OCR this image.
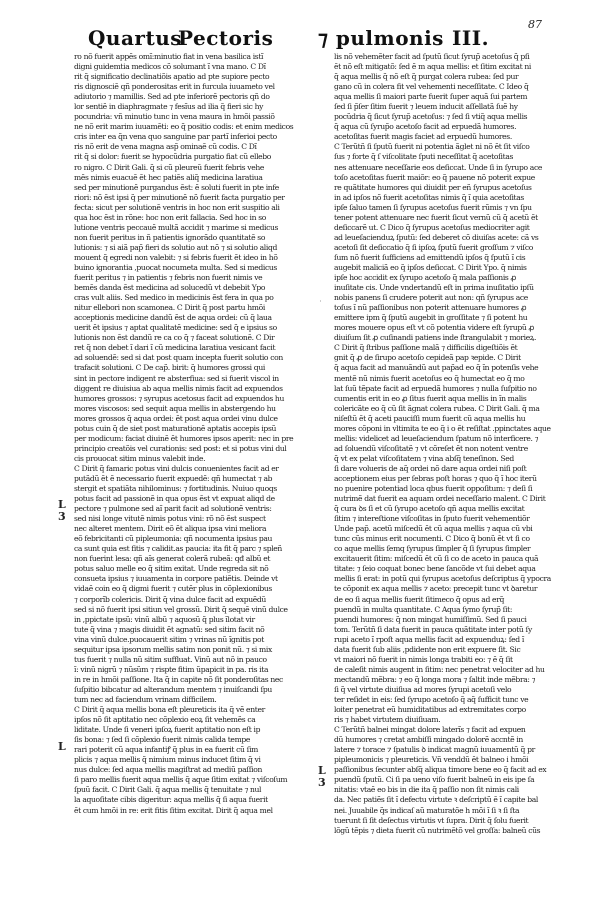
Quartus
Pectoris ⁊ pulmonis III.
87
L
3
L
L
3
ro nõ fuerit appĕs omĩ:minutio fiat in vena basilica istĩ
digni guidemtia medicos cõ solumant ĩ vna mano. C Dĩ
rit q̃ significatio declinatiõis apatio ad pte supiore pecto
ris dignosciĕ qñ ponderositas erit in furcula iuuameto vel
adiutorio ⁊ mamillis. Sed ad pte inferiorĕ pectoris qñ do
lor sentiĕ in diaphragmate ⁊ fesĩus ad ilia q̃ fieri sic hy
pocundria: vñ minutio tunc in vena maura in hmõi passiõ
ne nõ erit marim iuuamĕti: eo q̃ positio codis: et enim medicos
cris inter ea q̃n vena quo sanguine par partĭ inferioi pecto
ris nõ erit de vena magna asp̃ ominaĕ cũ codis. C Dĩ
rit q̃ si dolor: fuerit se hypocũdria purgatio fiat cũ ellebo
ro nigro. C Dirit Gali. q̃ si cũ pleureŭ fuerit febris vehe
mĕs nimis euacuĕ ĕt hec patiĕs aliq̃ medicina laratiua
sed per minutionĕ purgandus ĕst: ĕ soluti fuerit in pte infe
riori: nõ ĕst ipsi q̃ per minutionĕ nõ fuerit facta purgatio per
fecta: sicut per solutionĕ ventris in hoc non erit suspitio ali
qua hoc ĕst in rõne: hoc non erit fallacia. Sed hoc in so
lutione ventris peccauĕ multã accidit ⁊ marime si medicus
non fuerit peritus in ñ patientis ignorãdo quantitatĕ so
lutionis: ⁊ si aiã pap̃ fieri ds solutio aut nõ ⁊ si solutio aliqd
mouent q̃ egredi non valebit: ⁊ si febris fuerit ĕt ideo in hõ
buino ignorantia ,puocat nocumeta multa. Sed si medicus
fuerit peritus ⁊ in patientis ⁊ febris non fuerit nimis ve
bemĕs danda ĕst medicina ad solucedũ vt debebit Ypo
cras vult aliis. Sed medico in medicinis ĕst fera in qua po
nitur ellebori non scamonea. C Dirit q̃ post partu hmõi
acceptionis medicine dandũ ĕst de aqua ordei: cũ q̃ laua
uerit ĕt ipsius ⁊ aptat qualitatĕ medicine: sed q̃ e ipsius so
lutionis non ĕst dandũ re ca co q̃ ⁊ faceat solutionĕ. C Dir
ret q̃ non debet ĭ dari ĭ cũ medicina laratiua vesicant facit
ad soluendĕ: sed si dat post quam incepta fuerit solutio con
trafacit solutioni. C De cap̃. birit: q̃ humores grossi qui
sint in pectore indigent re absterfiua: sed si fuerit viscol in
diggent re diuisiua ab aqua mellis nimis facit ad expuendos
humores grossos: ⁊ syrupus acetosus facit ad expuendos hu
mores viscosos: sed sequit aqua mellis in abstergendo hu
mores grossos q̃ aqua ordei: ĕt post aqua ordei vinu dulce
potus cuin q̃ de siet post maturationĕ aptatis accepis ipsũ
per modicum: faciat diuinĕ ĕt humores ipsos aperit: nec in pre
principio creatõis vel curationis: sed post: et si potus vini dul
cis prouocat sitim minus valebit inde.
C Dirit q̃ famaric potus vini dulcis conuenientes facit ad er
putãdũ ĕt ĕ necessario fuerit expuedĕ: qñ humectat ⁊ ab
stergit et spatiãta nihilominus: ⁊ fortitudinis. Nuiuo quoqs
potus facit ad passionĕ in qua opus ĕst vt expuat aliqd de
pectore ⁊ pulmone sed aĩ parit facit ad solutionĕ ventris:
sed nisi longe vitutĕ nimis potus vini: rõ nõ ĕst suspect
nec alteret mentem. Dirit eõ ĕt aliqua ipsa vini meliora
eõ febricitanti cũ pipleumonia: qñ nocumenta ipsius pau
ca sunt quia est fitis ⁊ calidit.as paucia: ita fit q̃ parc ⁊ spleñ
non fuerint lesa: qñ aĭs generat colerã rubeã: qđ albũ et
potus saluo melle eo q̃ sitim exitat. Unde regreda sit nõ
consueta ipsius ⁊ iuuamenta in corpore patiẽtis. Deinde vt
vidaĕ coin eo q̃ digmi fuerit ⁊ cutĕr plus in cõplexionibus
⁊ corporĩb colericis. Dirit q̃ vina dulce facit ad expuẽdũ
sed si nõ fuerit ipsi sitiun vel grossũ. Dirit q̃ sequĕ vinũ dulce
in ,ppictate ipsũ: vinũ albũ ⁊ aquosũ q̃ plus ĭlotat vir
tute q̃ vina ⁊ magis diuidit ĕt agnatũ: sed sitim facit nõ
vina vinũ dulce.puocauerit sitim ⁊ vrinas nũ ĭgnitis pot
sequitur ipsa ipsorum mellis satim non ponit nũ. ⁊ si mix
tus fuerit ⁊ nulla nũ sitim suffluat. Vinũ aut nõ in pauco
ĭ: vinũ nigrũ ⁊ nũsũm ⁊ rispte fitim ũpapicit in pa. ris ita
in re in hmõi paſſione. Ita q̃ in capite nõ ſit ponderoſitas nec
ſuſpitio bibcatur ad alterandum mentem ⁊ inuiſcandi ſpu
tum nec ad faciendum vrinam difficilem.
C Dirit q̃ aqua mellis bona eſt pleureticis ita q̃ vẽ enter
ipſos nõ ſit aptitatio nec cõplexio eoꝝ ſit vehemẽs ca
liditate. Unde ſi veneri ipſoꝝ fuerit aptitatio non eſt ip
ſis bona: ⁊ ſed ſi cõplexio fuerit nimis calida tempe
rari poterit cũ aqua infantiꝭ q̃ plus in ea fuerit cũ ſim
plicis ⁊ aqua mellis q̃ nimium minus inducet ſitim q̃ vi
nus dulce: ſed aqua mellis magiſtrat ad mediũ paſſion
ſi paro mellis fuerit aqua mellis q̃ aque ſitim exitat ⁊ viſcoſum
ſpuũ facit. C Dirit Gali. q̃ aqua mellis q̃ tenuitate ⁊ nul
la aquoſitate cibis digeritur: aqua mellis q̃ ſi aqua fuerit
ĕt cum hmõi in re: erit fitis ſitim excitat. Dirit q̃ aqua mel
lis nõ vehemẽter facit ad ſputũ ſicut ſyrup̃ acetoſus q̃ pſi
ĕt nõ eſt mitigatõ: ſed ĕ m aqua mellis: et ſitim excitat ni
q̃ aqua mellis q̃ nõ eſt q̃ purgat colera rubea: ſed pur
gano cũ in colera fit vel vehementi neceſſitate. C Ideo q̃
aqua mellis ſi maiori parte fuerit ſuper aquã ſui partem
ſed ſi p̃ſer ſitim fuerit ⁊ leuem inducit aſſellatã ſuẽ hy
pocũdria q̃ ſicut ſyrup̃ acetoſus: ⁊ ſed ſi vtiq̃ aqua mellis
q̃ aqua cũ ſyrup̃o acetoſo facit ad erpuedã humores.
acetoſitas fuerit magis faciet ad erpuedũ humores.
C Terũtñ ſi ſputũ fuerit ni potentia ãglet ni nõ ĕt ſit viſco
ſus ⁊ forte q̃ ſ viſcolitate ſputi neceſſitat q̃ acetoſitas
nes attenuare neceſſarie eos deſiccat. Unde ſi in ſyrupo ace
toſo acetoſitas fuerit maiõr: eo q̃ pauene nõ poterit expue
re quãtitate humores qui diuidit per eñ ſyrupus acetoſus
in ad ipſos nõ fuerit acetoſitas nimis q̃ ĭ quia acetoſitas
ipſe ſaluo tamen ſi ſyrupus acetoſus fuerit rũmis ⁊ vn ſpu
tener potent attenuare nec fuerit ſicut vernũ cũ q̃ acetũ ĕt
deſiccarẽ ut. C Dico q̃ ſyrupus acetoſus mediocriter agit
ad leueſacienduꝝ ſputũ: ſed deberet cõ diuiſas acete: cã vs
acetoſi ſit deſiccatio q̃ ſi ipſoꝝ ſputũ fuerit groſſum ⁊ viſco
ſum nõ fuerit ſufficiens ad emittendũ ipſos q̃ ſputũ ĭ cis
augebit maliciã eo q̃ ipſos deſiccat. C Dirit Ypo. q̃ nimis
ipſe hoc accidit ex ſyrupo acetoſo q̃ mala paſſionis ꝓ
inuſitate cis. Unde vndertandũ eſt in prima inuſitatio ipſũ
nobis panens ſi crudere poterit aut non: qñ ſyrupus ace
toſus ĭ nũ paſſionibus non poterit attenuare humores ꝓ
emittere ipm q̃ ſputũ augebit in groſſitate ⁊ ſi potent hu
mores mouere opus eſt vt cõ potentia videre eſt ſyrupũ ꝓ
diuiſum ſit ꝓ cuſinandi patiens inde ſtrangulabit ⁊ morieꝝ.
C Dirit q̃ ſtribus paſſione malã ⁊ difficilis digeſtiõis ĕt
gnit q̃ ꝓ de ſirupo acetoſo cepideã pap ꝛepide. C Dirit
q̃ aqua facit ad manuãndũ aut pap̃ad eo q̃ ĭn potenſis vehe
mentẽ nũ nimis fuerit acetoſus eo q̃ humectat eo q̃ mo
lat ſuũ tẽpate facit ad erpuedã humores ⁊ nulla ſuſpitio no
cumentis erit in eo ꝓ ſitus fuerit aqua mellis in ĭn malis
colericãte eo q̃ cũ ſit ãgnat colera rubea. C Dirit Gali. q̃ ma
niſeſtũ ĕt q̃ aceti pauciſſi mum fuerit cũ aqua mellis hu
mores cõponi in vltimita te eo q̃ i o ĕt reſiſtat .ppinctates aque
mellis: videlicet ad leueſaciendum ſpatum nõ interficere. ⁊
ad ſoluendũ viſcoſitatẽ ⁊ vt cõreſet ĕt non notent ventre
q̃ vt ex pelat viſcoſitatem ⁊ vina abſq̃ teneſinon. Sed
ſi dare volueris de aq̃ ordei nõ dare aqua ordei niſi poſt
acceptionem eius per ſebras poſt horas ⁊ quo q̃ ĭ hoc iterũ
no puenire potentiad loca qbus fuerit oppoſitum: ⁊ deſi ſi
nutrimẽ dat fuerit ea aquam ordei neceſſario malent. C Dirit
q̃ cura ꝺs ſi et cũ ſyrupo acetoſo qñ aqua mellis excitat
ſitim ⁊ intereſtione viſcoſitas in ſputo fuerit vehementiõr
Unde pap̃. acetũ miſcedũ ĕt cũ aqua mellis ⁊ aqua cũ vbi
tunc cũs minus erit nocumenti. C Dico q̃ bonũ ĕt vt ſi co
co aque mellis ſemq ſyrupus ſimpler q̃ ſi ſyrupus ſimpler
excitauerit ſitim: miſcedũ ĕt cũ ſi co de aceto in pauca quã
titate: ⁊ ſeio coquat bonec bene ſancõde vt ſui debet aqua
mellis ſi erat: in potũ qui ſyrupus acetoſus deſcriptus q̃ ypocra
te cõponit ex aqua mellis ⁊ aceto: precepit tunc vt ꝺaretur
de eo ſi aqua mellis fuerit ſitimeco q̃ opus ad erq̃
puendũ in multa quantitate. C Aqua ſymo ſyrup̃ ſit:
puendi humores: q̃ non mingat humiſſimũ. Sed ſi pauci
tom. Terũtñ ſi data fuerit in pauca quãtitate inter potũ ſy
rupi aceto ĭ rpoſt aqua mellis facit ad expuenduꝝ: ſed ĭ
data fuerit ſub aliis ,pdidente non erit expuere ſit. Sic
vt maiori nõ fuerit in nimis longa trabiti eo: ⁊ ĕ q̃ ſit
de caleſit nimis augent in ſitim: nec penetrat velociter ad hu
mectandũ mẽbra: ⁊ eo q̃ longa mora ⁊ ſaltit inde mẽbra: ⁊
ſi q̃ vel virtute diuiſiua ad mores ſyrupi acetoſi velo
ter reſidet in eis: ſed ſyrupo acetoſo q̃ aq̃ ſufficit tunc ve
loiter penetrat eũ humiditatibus ad extremitates corpo
ris ⁊ habet virtutem diuiſiuam.
C Terũtñ balnei mingat dolore laterĩs ⁊ facit ad expuen
dũ humores ⁊ cretat ambiſſi mingado dolorẽ accntẽ in
latere ⁊ torace ⁊ ſpatulis ꝺ indicat magnũ iuuamentũ q̃ pr
pipleumonicis ⁊ pleureticis. Vñ venddũ ĕt balneo i hmõi
paſſionibus ſecunter abſq̃ aliqua timore bene eo q̃ facit ad ex
puendũ ſputũ. Ci ſi pa ueno viſo fuerit balneũ in eis ipe ſa
nitatis: vtaĕ eo bis in die ita q̃ paſſio non ſit nimis cali
da. Nec patiẽs ſit ĭ defectu virtute ꝛ deſcriptũ ĕ ĭ capite bal
nei. Juuabile q̃s indicaſ aũ maturatõe h mõi ĭ ſi ꝛ ſi ſta
tuerunt ſi ſit deſectus virtutis vt ſupra. Dirit q̃ ſolu fuerit
lõgũ tẽpis ⁊ dieta fuerit cũ nutrimĕtõ vel groſſa: balneũ cũs
